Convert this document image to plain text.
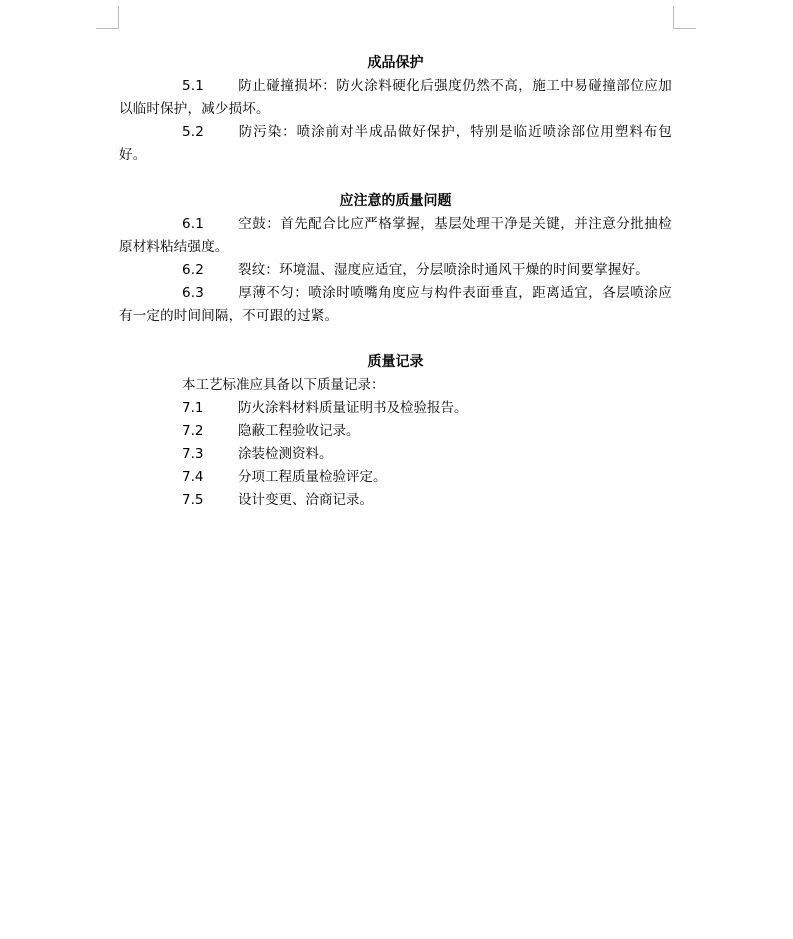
成品保护

5.1	防止碰撞损坏：防火涂料硬化后强度仍然不高，施工中易碰撞部位应加以临时保护，减少损坏。

5.2	防污染：喷涂前对半成品做好保护，特别是临近喷涂部位用塑料布包好。

应注意的质量问题

6.1	空鼓：首先配合比应严格掌握，基层处理干净是关键，并注意分批抽检原材料粘结强度。

6.2	裂纹：环境温、湿度应适宜，分层喷涂时通风干燥的时间要掌握好。

6.3	厚薄不匀：喷涂时喷嘴角度应与构件表面垂直，距离适宜，各层喷涂应有一定的时间间隔，不可跟的过紧。

质量记录

本工艺标准应具备以下质量记录：

7.1	防火涂料材料质量证明书及检验报告。

7.2	隐蔽工程验收记录。

7.3	涂装检测资料。

7.4	分项工程质量检验评定。

7.5	设计变更、洽商记录。
